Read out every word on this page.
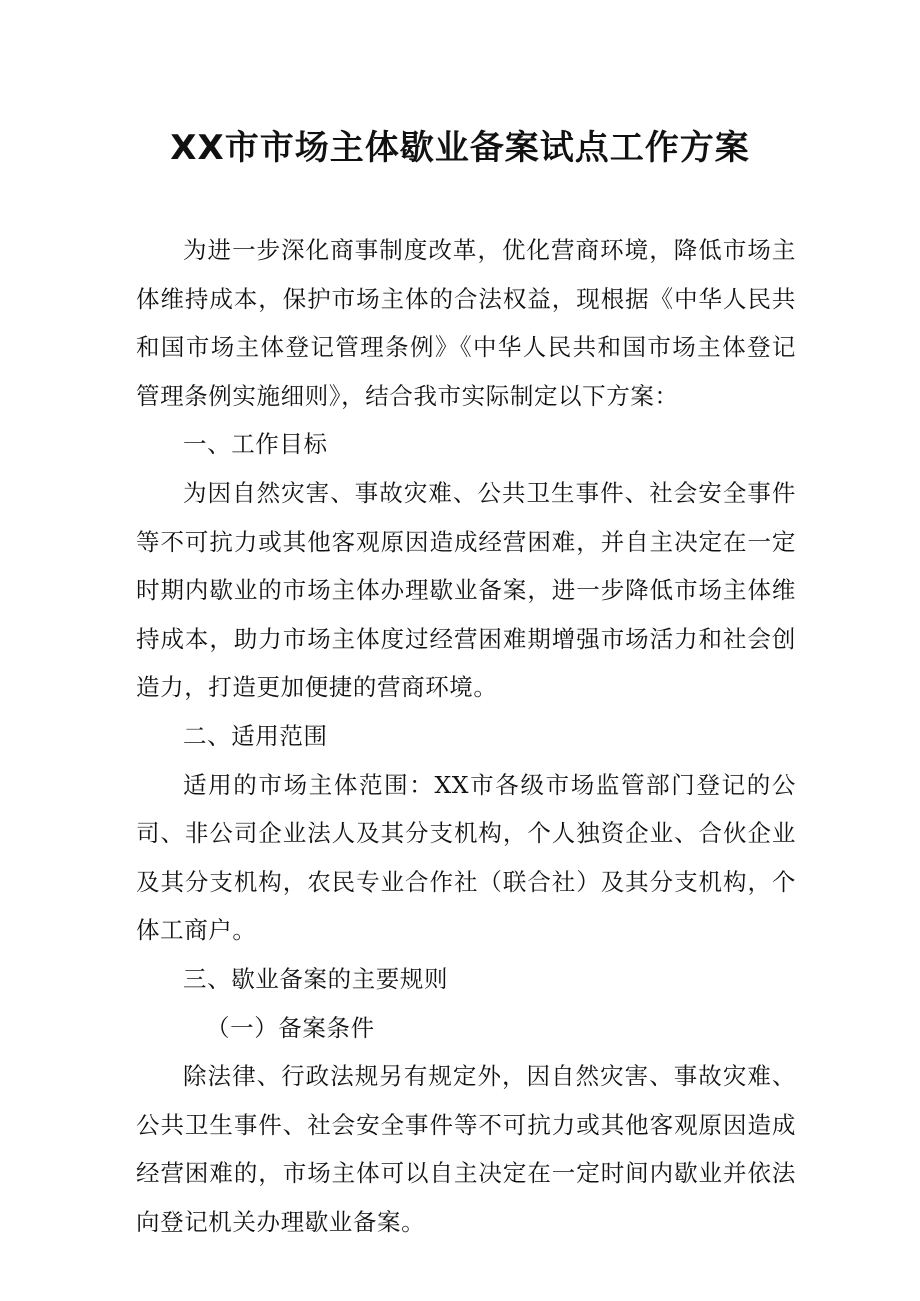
XX市市场主体歇业备案试点工作方案

为进一步深化商事制度改革，优化营商环境，降低市场主体维持成本，保护市场主体的合法权益，现根据《中华人民共和国市场主体登记管理条例》《中华人民共和国市场主体登记管理条例实施细则》，结合我市实际制定以下方案：

一、工作目标

为因自然灾害、事故灾难、公共卫生事件、社会安全事件等不可抗力或其他客观原因造成经营困难，并自主决定在一定时期内歇业的市场主体办理歇业备案，进一步降低市场主体维持成本，助力市场主体度过经营困难期增强市场活力和社会创造力，打造更加便捷的营商环境。

二、适用范围

适用的市场主体范围：XX市各级市场监管部门登记的公司、非公司企业法人及其分支机构，个人独资企业、合伙企业及其分支机构，农民专业合作社（联合社）及其分支机构，个体工商户。

三、歇业备案的主要规则

（一）备案条件

除法律、行政法规另有规定外，因自然灾害、事故灾难、公共卫生事件、社会安全事件等不可抗力或其他客观原因造成经营困难的，市场主体可以自主决定在一定时间内歇业并依法向登记机关办理歇业备案。
